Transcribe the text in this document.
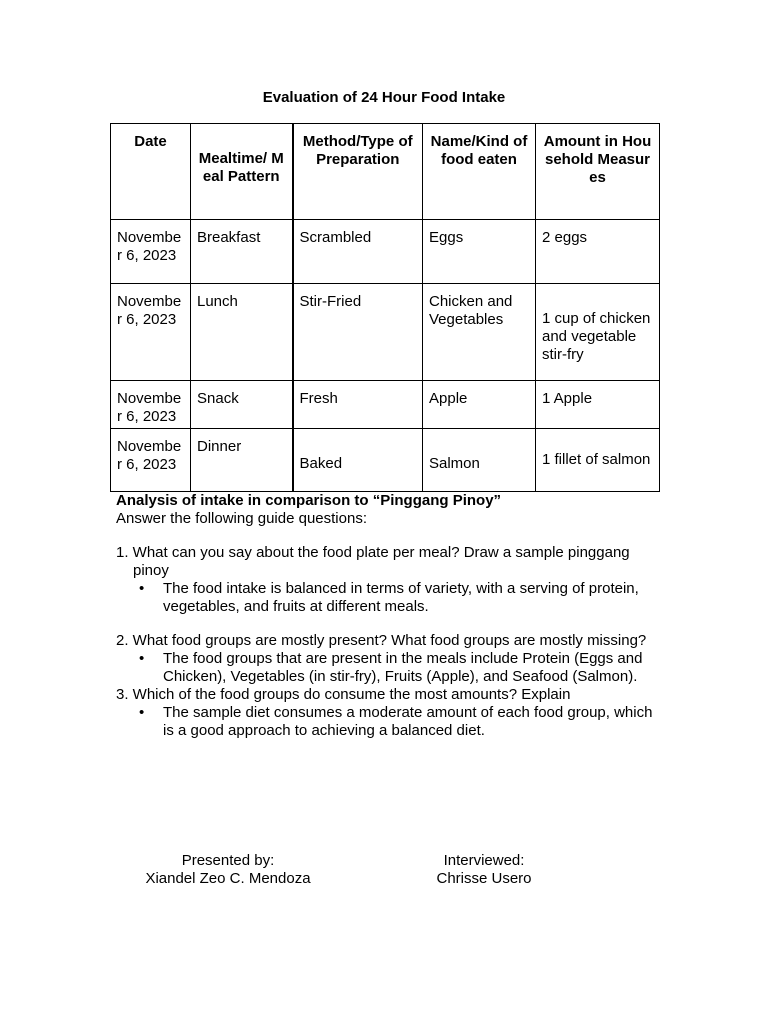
Evaluation of 24 Hour Food Intake
Date	Mealtime/ Meal Pattern	Method/Type of Preparation	Name/Kind of food eaten	Amount in Household Measures
November 6, 2023	Breakfast	Scrambled	Eggs	2 eggs
November 6, 2023	Lunch	Stir-Fried	Chicken and Vegetables	1 cup of chicken and vegetable stir-fry
November 6, 2023	Snack	Fresh	Apple	1 Apple
November 6, 2023	Dinner	Baked	Salmon	1 fillet of salmon
Analysis of intake in comparison to “Pinggang Pinoy”
Answer the following guide questions:

1. What can you say about the food plate per meal? Draw a sample pinggang pinoy

• The food intake is balanced in terms of variety, with a serving of protein, vegetables, and fruits at different meals.

2. What food groups are mostly present? What food groups are mostly missing?

• The food groups that are present in the meals include Protein (Eggs and Chicken), Vegetables (in stir-fry), Fruits (Apple), and Seafood (Salmon).

3. Which of the food groups do consume the most amounts? Explain

• The sample diet consumes a moderate amount of each food group, which is a good approach to achieving a balanced diet.
Presented by:
Xiandel Zeo C. Mendoza
Interviewed:
Chrisse Usero
